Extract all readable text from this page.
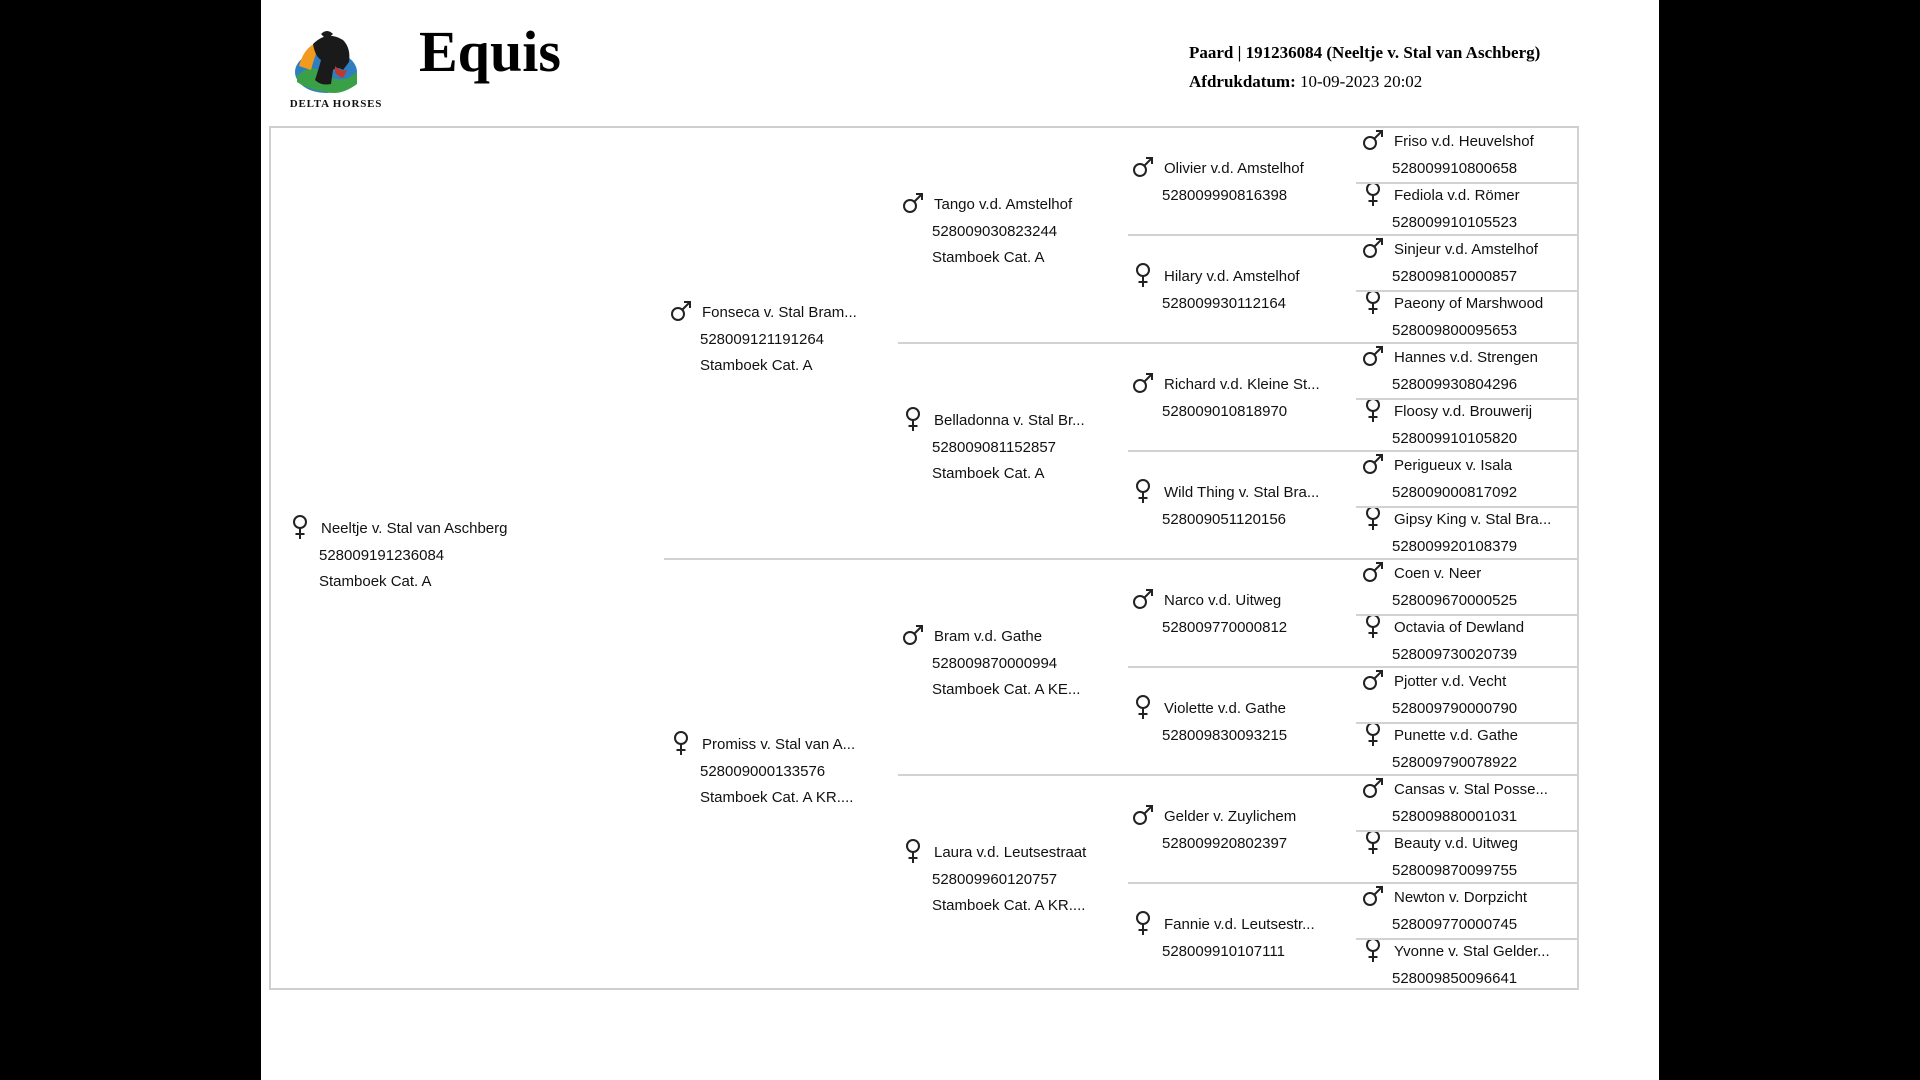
DELTA HORSES
Equis	Paard | 191236084 (Neeltje v. Stal van Aschberg)
Afdrukdatum: 10-09-2023 20:02
Neeltje v. Stal van Aschberg
528009191236084
Stamboek Cat. A
Fonseca v. Stal Bram...
528009121191264
Stamboek Cat. A
Promiss v. Stal van A...
528009000133576
Stamboek Cat. A KR....
Tango v.d. Amstelhof
528009030823244
Stamboek Cat. A
Belladonna v. Stal Br...
528009081152857
Stamboek Cat. A
Bram v.d. Gathe
528009870000994
Stamboek Cat. A KE...
Laura v.d. Leutsestraat
528009960120757
Stamboek Cat. A KR....
Olivier v.d. Amstelhof
528009990816398
Hilary v.d. Amstelhof
528009930112164
Richard v.d. Kleine St...
528009010818970
Wild Thing v. Stal Bra...
528009051120156
Narco v.d. Uitweg
528009770000812
Violette v.d. Gathe
528009830093215
Gelder v. Zuylichem
528009920802397
Fannie v.d. Leutsestr...
528009910107111
Friso v.d. Heuvelshof
528009910800658
Fediola v.d. Römer
528009910105523
Sinjeur v.d. Amstelhof
528009810000857
Paeony of Marshwood
528009800095653
Hannes v.d. Strengen
528009930804296
Floosy v.d. Brouwerij
528009910105820
Perigueux v. Isala
528009000817092
Gipsy King v. Stal Bra...
528009920108379
Coen v. Neer
528009670000525
Octavia of Dewland
528009730020739
Pjotter v.d. Vecht
528009790000790
Punette v.d. Gathe
528009790078922
Cansas v. Stal Posse...
528009880001031
Beauty v.d. Uitweg
528009870099755
Newton v. Dorpzicht
528009770000745
Yvonne v. Stal Gelder...
528009850096641
